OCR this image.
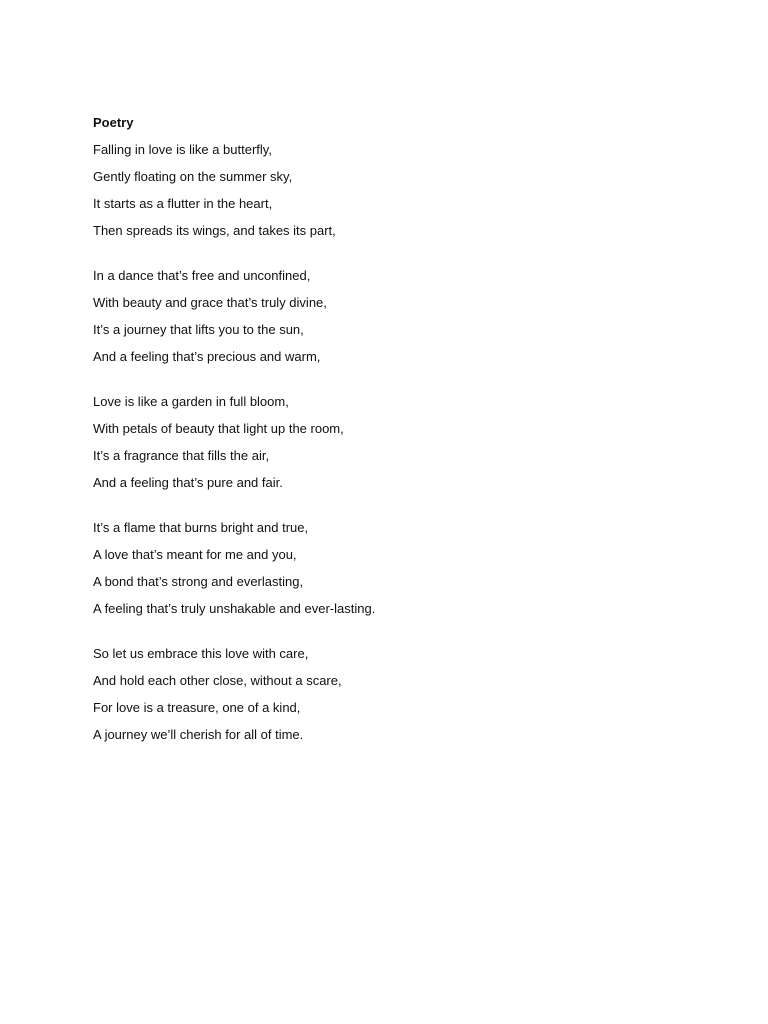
Poetry
Falling in love is like a butterfly,
Gently floating on the summer sky,
It starts as a flutter in the heart,
Then spreads its wings, and takes its part,
In a dance that’s free and unconfined,
With beauty and grace that’s truly divine,
It’s a journey that lifts you to the sun,
And a feeling that’s precious and warm,
Love is like a garden in full bloom,
With petals of beauty that light up the room,
It’s a fragrance that fills the air,
And a feeling that’s pure and fair.
It’s a flame that burns bright and true,
A love that’s meant for me and you,
A bond that’s strong and everlasting,
A feeling that’s truly unshakable and ever-lasting.
So let us embrace this love with care,
And hold each other close, without a scare,
For love is a treasure, one of a kind,
A journey we’ll cherish for all of time.
